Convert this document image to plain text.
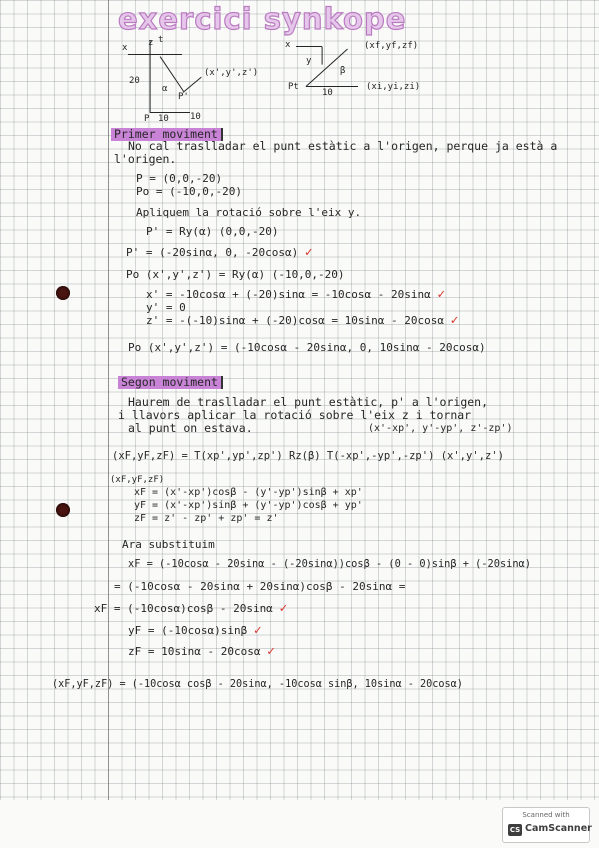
exercici synkope
x z t
20
α
(x',y',z')
P'
P 10 10
x
y
(xf,yf,zf)
β
Pt
10
(xi,yi,zi)
Primer moviment
No cal traslladar el punt estàtic a l'origen, perque ja està a
l'origen.
P = (0,0,-20)
Po = (-10,0,-20)
Apliquem la rotació sobre l'eix y.
P' = Ry(α) (0,0,-20)
P' = (-20sinα, 0, -20cosα) ✓
Po (x',y',z') = Ry(α) (-10,0,-20)
x' = -10cosα + (-20)sinα = -10cosα - 20sinα ✓
y' = 0
z' = -(-10)sinα + (-20)cosα = 10sinα - 20cosα ✓
Po (x',y',z') = (-10cosα - 20sinα, 0, 10sinα - 20cosα)
Segon moviment
Haurem de traslladar el punt estàtic, p' a l'origen,
i llavors aplicar la rotació sobre l'eix z i tornar
al punt on estava.	(x'-xp', y'-yp', z'-zp')
(xF,yF,zF) = T(xp',yp',zp') Rz(β) T(-xp',-yp',-zp') (x',y',z')
(xF,yF,zF)
xF = (x'-xp')cosβ - (y'-yp')sinβ + xp'
yF = (x'-xp')sinβ + (y'-yp')cosβ + yp'
zF = z' - zp' + zp' = z'
Ara substituim
xF = (-10cosα - 20sinα - (-20sinα))cosβ - (0 - 0)sinβ + (-20sinα)
= (-10cosα - 20sinα + 20sinα)cosβ - 20sinα =
xF = (-10cosα)cosβ - 20sinα ✓
yF = (-10cosα)sinβ ✓
zF = 10sinα - 20cosα ✓
(xF,yF,zF) = (-10cosα cosβ - 20sinα, -10cosα sinβ, 10sinα - 20cosα)
Scanned with
CS CamScanner
